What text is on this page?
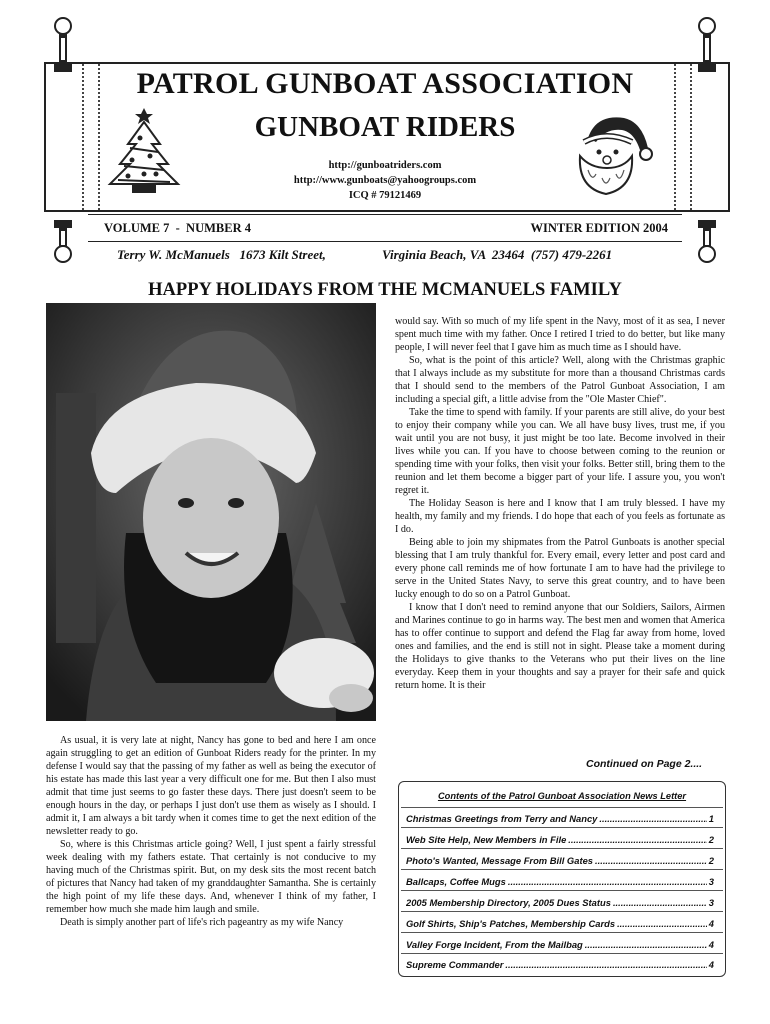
PATROL GUNBOAT ASSOCIATION
GUNBOAT RIDERS
http://gunboatriders.com
http://www.gunboats@yahoogroups.com
ICQ # 79121469
VOLUME 7  -  NUMBER 4	WINTER EDITION 2004
Terry W. McManuels   1673 Kilt Street,	Virginia Beach, VA  23464  (757) 479-2261
HAPPY HOLIDAYS FROM THE MCMANUELS FAMILY

would say. With so much of my life spent in the Navy, most of it as sea, I never spent much time with my father. Once I retired I tried to do better, but like many people, I will never feel that I gave him as much time as I should have.

So, what is the point of this article? Well, along with the Christmas graphic that I always include as my substitute for more than a thousand Christmas cards that I should send to the members of the Patrol Gunboat Association, I am including a special gift, a little advise from the "Ole Master Chief".

Take the time to spend with family. If your parents are still alive, do your best to enjoy their company while you can. We all have busy lives, trust me, if you wait until you are not busy, it just might be too late. Become involved in their lives while you can. If you have to choose between coming to the reunion or spending time with your folks, then visit your folks. Better still, bring them to the reunion and let them become a bigger part of your life. I assure you, you won't regret it.

The Holiday Season is here and I know that I am truly blessed. I have my health, my family and my friends. I do hope that each of you feels as fortunate as I do.

Being able to join my shipmates from the Patrol Gunboats is another special blessing that I am truly thankful for. Every email, every letter and post card and every phone call reminds me of how fortunate I am to have had the privilege to serve in the United States Navy, to serve this great country, and to have been lucky enough to do so on a Patrol Gunboat.

I know that I don't need to remind anyone that our Soldiers, Sailors, Airmen and Marines continue to go in harms way. The best men and women that America has to offer continue to support and defend the Flag far away from home, loved ones and families, and the end is still not in sight. Please take a moment during the Holidays to give thanks to the Veterans who put their lives on the line everyday. Keep them in your thoughts and say a prayer for their safe and quick return home. It is their

As usual, it is very late at night, Nancy has gone to bed and here I am once again struggling to get an edition of Gunboat Riders ready for the printer. In my defense I would say that the passing of my father as well as being the executor of his estate has made this last year a very difficult one for me. But then I also must admit that time just seems to go faster these days. There just doesn't seem to be enough hours in the day, or perhaps I just don't use them as wisely as I should. I admit it, I am always a bit tardy when it comes time to get the next edition of the newsletter ready to go.

So, where is this Christmas article going? Well, I just spent a fairly stressful week dealing with my fathers estate. That certainly is not conducive to my having much of the Christmas spirit. But, on my desk sits the most recent batch of pictures that Nancy had taken of my granddaughter Samantha. She is certainly the high point of my life these days. And, whenever I think of my father, I remember how much she made him laugh and smile.

Death is simply another part of life's rich pageantry as my wife Nancy

Continued on Page 2....
Contents of the Patrol Gunboat Association News Letter
Christmas Greetings from Terry and Nancy .....	1
Web Site Help, New Members in File .....	2
Photo's Wanted, Message From Bill Gates .....	2
Ballcaps, Coffee Mugs .....	3
2005 Membership Directory, 2005 Dues Status .....	3
Golf Shirts, Ship's Patches, Membership Cards .....	4
Valley Forge Incident, From the Mailbag .....	4
Supreme Commander .....	4
